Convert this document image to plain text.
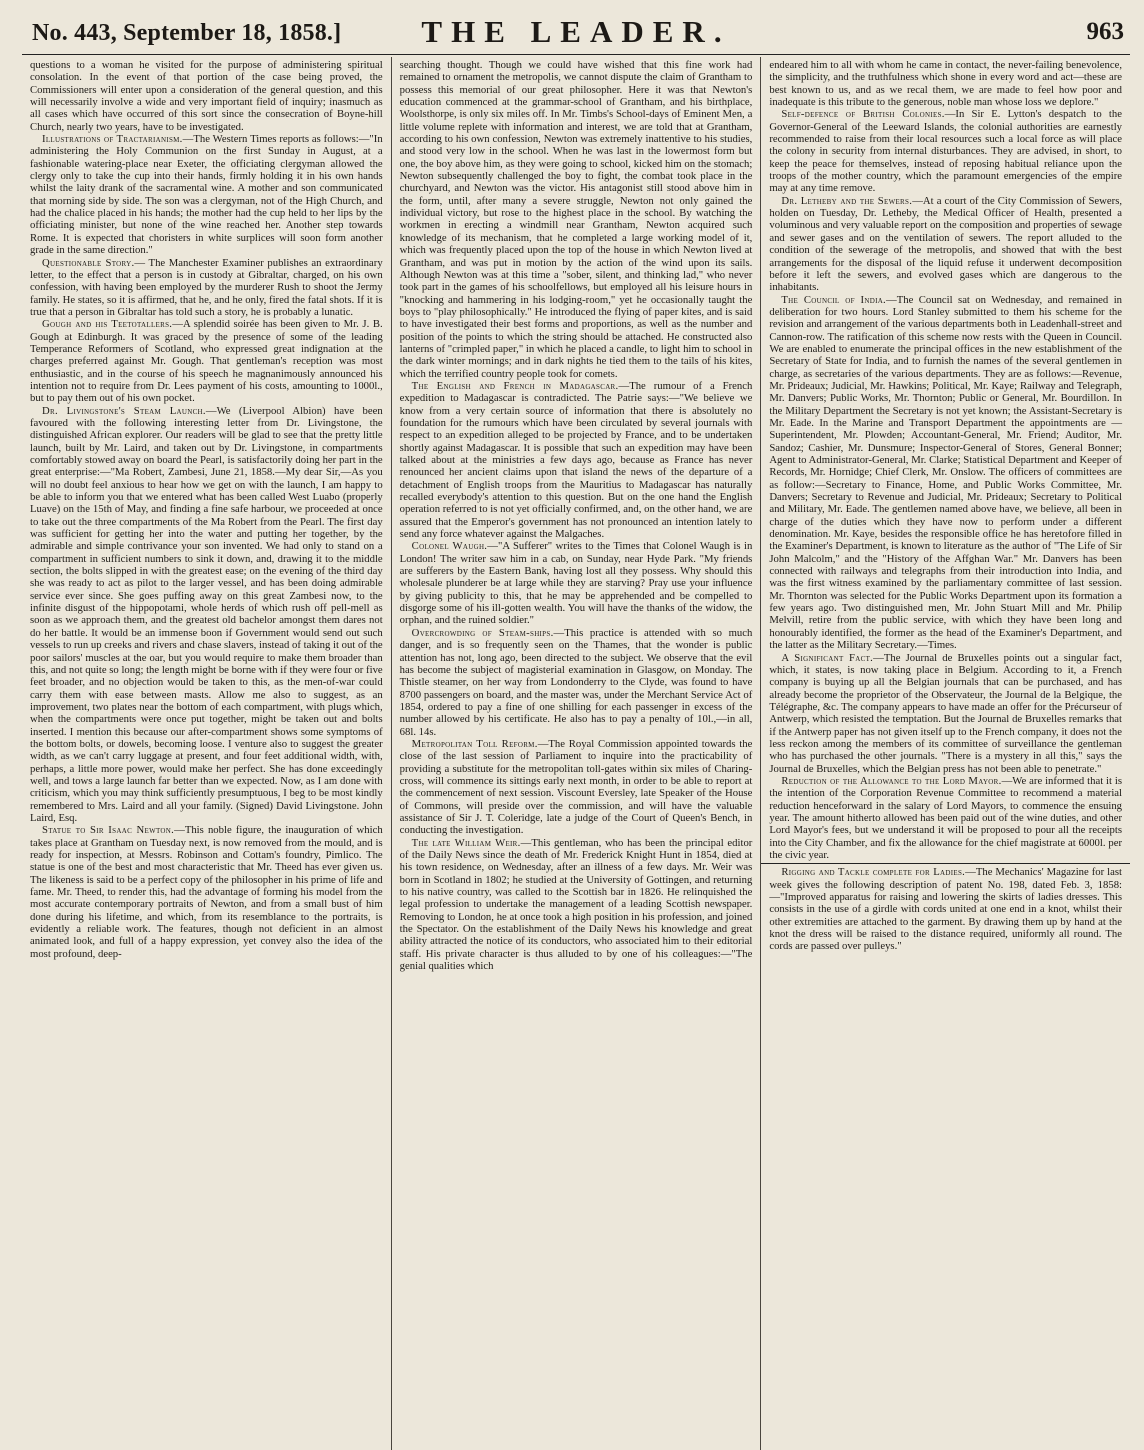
No. 443, September 18, 1858.]	THE LEADER.	963

questions to a woman he visited for the purpose of administering spiritual consolation. In the event of that portion of the case being proved, the Commissioners will enter upon a consideration of the general question, and this will necessarily involve a wide and very important field of inquiry; inasmuch as all cases which have occurred of this sort since the consecration of Boyne-hill Church, nearly two years, have to be investigated.

Illustrations of Tractarianism.—The Western Times reports as follows:—"In administering the Holy Communion on the first Sunday in August, at a fashionable watering-place near Exeter, the officiating clergyman allowed the clergy only to take the cup into their hands, firmly holding it in his own hands whilst the laity drank of the sacramental wine. A mother and son communicated that morning side by side. The son was a clergyman, not of the High Church, and had the chalice placed in his hands; the mother had the cup held to her lips by the officiating minister, but none of the wine reached her. Another step towards Rome. It is expected that choristers in white surplices will soon form another grade in the same direction."

Questionable Story.— The Manchester Examiner publishes an extraordinary letter, to the effect that a person is in custody at Gibraltar, charged, on his own confession, with having been employed by the murderer Rush to shoot the Jermy family. He states, so it is affirmed, that he, and he only, fired the fatal shots. If it is true that a person in Gibraltar has told such a story, he is probably a lunatic.

Gough and his Teetotallers.—A splendid soirée has been given to Mr. J. B. Gough at Edinburgh. It was graced by the presence of some of the leading Temperance Reformers of Scotland, who expressed great indignation at the charges preferred against Mr. Gough. That gentleman's reception was most enthusiastic, and in the course of his speech he magnanimously announced his intention not to require from Dr. Lees payment of his costs, amounting to 1000l., but to pay them out of his own pocket.

Dr. Livingstone's Steam Launch.—We (Liverpool Albion) have been favoured with the following interesting letter from Dr. Livingstone, the distinguished African explorer. Our readers will be glad to see that the pretty little launch, built by Mr. Laird, and taken out by Dr. Livingstone, in compartments comfortably stowed away on board the Pearl, is satisfactorily doing her part in the great enterprise:—"Ma Robert, Zambesi, June 21, 1858.—My dear Sir,—As you will no doubt feel anxious to hear how we get on with the launch, I am happy to be able to inform you that we entered what has been called West Luabo (properly Luave) on the 15th of May, and finding a fine safe harbour, we proceeded at once to take out the three compartments of the Ma Robert from the Pearl. The first day was sufficient for getting her into the water and putting her together, by the admirable and simple contrivance your son invented. We had only to stand on a compartment in sufficient numbers to sink it down, and, drawing it to the middle section, the bolts slipped in with the greatest ease; on the evening of the third day she was ready to act as pilot to the larger vessel, and has been doing admirable service ever since. She goes puffing away on this great Zambesi now, to the infinite disgust of the hippopotami, whole herds of which rush off pell-mell as soon as we approach them, and the greatest old bachelor amongst them dares not do her battle. It would be an immense boon if Government would send out such vessels to run up creeks and rivers and chase slavers, instead of taking it out of the poor sailors' muscles at the oar, but you would require to make them broader than this, and not quite so long; the length might be borne with if they were four or five feet broader, and no objection would be taken to this, as the men-of-war could carry them with ease between masts. Allow me also to suggest, as an improvement, two plates near the bottom of each compartment, with plugs which, when the compartments were once put together, might be taken out and bolts inserted. I mention this because our after-compartment shows some symptoms of the bottom bolts, or dowels, becoming loose. I venture also to suggest the greater width, as we can't carry luggage at present, and four feet additional width, with, perhaps, a little more power, would make her perfect. She has done exceedingly well, and tows a large launch far better than we expected. Now, as I am done with criticism, which you may think sufficiently presumptuous, I beg to be most kindly remembered to Mrs. Laird and all your family. (Signed) David Livingstone. John Laird, Esq.

Statue to Sir Isaac Newton.—This noble figure, the inauguration of which takes place at Grantham on Tuesday next, is now removed from the mould, and is ready for inspection, at Messrs. Robinson and Cottam's foundry, Pimlico. The statue is one of the best and most characteristic that Mr. Theed has ever given us. The likeness is said to be a perfect copy of the philosopher in his prime of life and fame. Mr. Theed, to render this, had the advantage of forming his model from the most accurate contemporary portraits of Newton, and from a small bust of him done during his lifetime, and which, from its resemblance to the portraits, is evidently a reliable work. The features, though not deficient in an almost animated look, and full of a happy expression, yet convey also the idea of the most profound, deep-

searching thought. Though we could have wished that this fine work had remained to ornament the metropolis, we cannot dispute the claim of Grantham to possess this memorial of our great philosopher. Here it was that Newton's education commenced at the grammar-school of Grantham, and his birthplace, Woolsthorpe, is only six miles off. In Mr. Timbs's School-days of Eminent Men, a little volume replete with information and interest, we are told that at Grantham, according to his own confession, Newton was extremely inattentive to his studies, and stood very low in the school. When he was last in the lowermost form but one, the boy above him, as they were going to school, kicked him on the stomach; Newton subsequently challenged the boy to fight, the combat took place in the churchyard, and Newton was the victor. His antagonist still stood above him in the form, until, after many a severe struggle, Newton not only gained the individual victory, but rose to the highest place in the school. By watching the workmen in erecting a windmill near Grantham, Newton acquired such knowledge of its mechanism, that he completed a large working model of it, which was frequently placed upon the top of the house in which Newton lived at Grantham, and was put in motion by the action of the wind upon its sails. Although Newton was at this time a "sober, silent, and thinking lad," who never took part in the games of his schoolfellows, but employed all his leisure hours in "knocking and hammering in his lodging-room," yet he occasionally taught the boys to "play philosophically." He introduced the flying of paper kites, and is said to have investigated their best forms and proportions, as well as the number and position of the points to which the string should be attached. He constructed also lanterns of "crimpled paper," in which he placed a candle, to light him to school in the dark winter mornings; and in dark nights he tied them to the tails of his kites, which the terrified country people took for comets.

The English and French in Madagascar.—The rumour of a French expedition to Madagascar is contradicted. The Patrie says:—"We believe we know from a very certain source of information that there is absolutely no foundation for the rumours which have been circulated by several journals with respect to an expedition alleged to be projected by France, and to be undertaken shortly against Madagascar. It is possible that such an expedition may have been talked about at the ministries a few days ago, because as France has never renounced her ancient claims upon that island the news of the departure of a detachment of English troops from the Mauritius to Madagascar has naturally recalled everybody's attention to this question. But on the one hand the English operation referred to is not yet officially confirmed, and, on the other hand, we are assured that the Emperor's government has not pronounced an intention lately to send any force whatever against the Malgaches.

Colonel Waugh.—"A Sufferer" writes to the Times that Colonel Waugh is in London! The writer saw him in a cab, on Sunday, near Hyde Park. "My friends are sufferers by the Eastern Bank, having lost all they possess. Why should this wholesale plunderer be at large while they are starving? Pray use your influence by giving publicity to this, that he may be apprehended and be compelled to disgorge some of his ill-gotten wealth. You will have the thanks of the widow, the orphan, and the ruined soldier."

Overcrowding of Steam-ships.—This practice is attended with so much danger, and is so frequently seen on the Thames, that the wonder is public attention has not, long ago, been directed to the subject. We observe that the evil has become the subject of magisterial examination in Glasgow, on Monday. The Thistle steamer, on her way from Londonderry to the Clyde, was found to have 8700 passengers on board, and the master was, under the Merchant Service Act of 1854, ordered to pay a fine of one shilling for each passenger in excess of the number allowed by his certificate. He also has to pay a penalty of 10l.,—in all, 68l. 14s.

Metropolitan Toll Reform.—The Royal Commission appointed towards the close of the last session of Parliament to inquire into the practicability of providing a substitute for the metropolitan toll-gates within six miles of Charing-cross, will commence its sittings early next month, in order to be able to report at the commencement of next session. Viscount Eversley, late Speaker of the House of Commons, will preside over the commission, and will have the valuable assistance of Sir J. T. Coleridge, late a judge of the Court of Queen's Bench, in conducting the investigation.

The late William Weir.—This gentleman, who has been the principal editor of the Daily News since the death of Mr. Frederick Knight Hunt in 1854, died at his town residence, on Wednesday, after an illness of a few days. Mr. Weir was born in Scotland in 1802; he studied at the University of Gottingen, and returning to his native country, was called to the Scottish bar in 1826. He relinquished the legal profession to undertake the management of a leading Scottish newspaper. Removing to London, he at once took a high position in his profession, and joined the Spectator. On the establishment of the Daily News his knowledge and great ability attracted the notice of its conductors, who associated him to their editorial staff. His private character is thus alluded to by one of his colleagues:—"The genial qualities which

endeared him to all with whom he came in contact, the never-failing benevolence, the simplicity, and the truthfulness which shone in every word and act—these are best known to us, and as we recal them, we are made to feel how poor and inadequate is this tribute to the generous, noble man whose loss we deplore."

Self-defence of British Colonies.—In Sir E. Lytton's despatch to the Governor-General of the Leeward Islands, the colonial authorities are earnestly recommended to raise from their local resources such a local force as will place the colony in security from internal disturbances. They are advised, in short, to keep the peace for themselves, instead of reposing habitual reliance upon the troops of the mother country, which the paramount emergencies of the empire may at any time remove.

Dr. Letheby and the Sewers.—At a court of the City Commission of Sewers, holden on Tuesday, Dr. Letheby, the Medical Officer of Health, presented a voluminous and very valuable report on the composition and properties of sewage and sewer gases and on the ventilation of sewers. The report alluded to the condition of the sewerage of the metropolis, and showed that with the best arrangements for the disposal of the liquid refuse it underwent decomposition before it left the sewers, and evolved gases which are dangerous to the inhabitants.

The Council of India.—The Council sat on Wednesday, and remained in deliberation for two hours. Lord Stanley submitted to them his scheme for the revision and arrangement of the various departments both in Leadenhall-street and Cannon-row. The ratification of this scheme now rests with the Queen in Council. We are enabled to enumerate the principal offices in the new establishment of the Secretary of State for India, and to furnish the names of the several gentlemen in charge, as secretaries of the various departments. They are as follows:—Revenue, Mr. Prideaux; Judicial, Mr. Hawkins; Political, Mr. Kaye; Railway and Telegraph, Mr. Danvers; Public Works, Mr. Thornton; Public or General, Mr. Bourdillon. In the Military Department the Secretary is not yet known; the Assistant-Secretary is Mr. Eade. In the Marine and Transport Department the appointments are — Superintendent, Mr. Plowden; Accountant-General, Mr. Friend; Auditor, Mr. Sandoz; Cashier, Mr. Dunsmure; Inspector-General of Stores, General Bonner; Agent to Administrator-General, Mr. Clarke; Statistical Department and Keeper of Records, Mr. Hornidge; Chief Clerk, Mr. Onslow. The officers of committees are as follow:—Secretary to Finance, Home, and Public Works Committee, Mr. Danvers; Secretary to Revenue and Judicial, Mr. Prideaux; Secretary to Political and Military, Mr. Eade. The gentlemen named above have, we believe, all been in charge of the duties which they have now to perform under a different denomination. Mr. Kaye, besides the responsible office he has heretofore filled in the Examiner's Department, is known to literature as the author of "The Life of Sir John Malcolm," and the "History of the Affghan War." Mr. Danvers has been connected with railways and telegraphs from their introduction into India, and was the first witness examined by the parliamentary committee of last session. Mr. Thornton was selected for the Public Works Department upon its formation a few years ago. Two distinguished men, Mr. John Stuart Mill and Mr. Philip Melvill, retire from the public service, with which they have been long and honourably identified, the former as the head of the Examiner's Department, and the latter as the Military Secretary.—Times.

A Significant Fact.—The Journal de Bruxelles points out a singular fact, which, it states, is now taking place in Belgium. According to it, a French company is buying up all the Belgian journals that can be purchased, and has already become the proprietor of the Observateur, the Journal de la Belgique, the Télégraphe, &c. The company appears to have made an offer for the Précurseur of Antwerp, which resisted the temptation. But the Journal de Bruxelles remarks that if the Antwerp paper has not given itself up to the French company, it does not the less reckon among the members of its committee of surveillance the gentleman who has purchased the other journals. "There is a mystery in all this," says the Journal de Bruxelles, which the Belgian press has not been able to penetrate."

Reduction of the Allowance to the Lord Mayor.—We are informed that it is the intention of the Corporation Revenue Committee to recommend a material reduction henceforward in the salary of Lord Mayors, to commence the ensuing year. The amount hitherto allowed has been paid out of the wine duties, and other Lord Mayor's fees, but we understand it will be proposed to pour all the receipts into the City Chamber, and fix the allowance for the chief magistrate at 6000l. per the civic year.

Rigging and Tackle complete for Ladies.—The Mechanics' Magazine for last week gives the following description of patent No. 198, dated Feb. 3, 1858:—"Improved apparatus for raising and lowering the skirts of ladies dresses. This consists in the use of a girdle with cords united at one end in a knot, whilst their other extremities are attached to the garment. By drawing them up by hand at the knot the dress will be raised to the distance required, uniformly all round. The cords are passed over pulleys."
